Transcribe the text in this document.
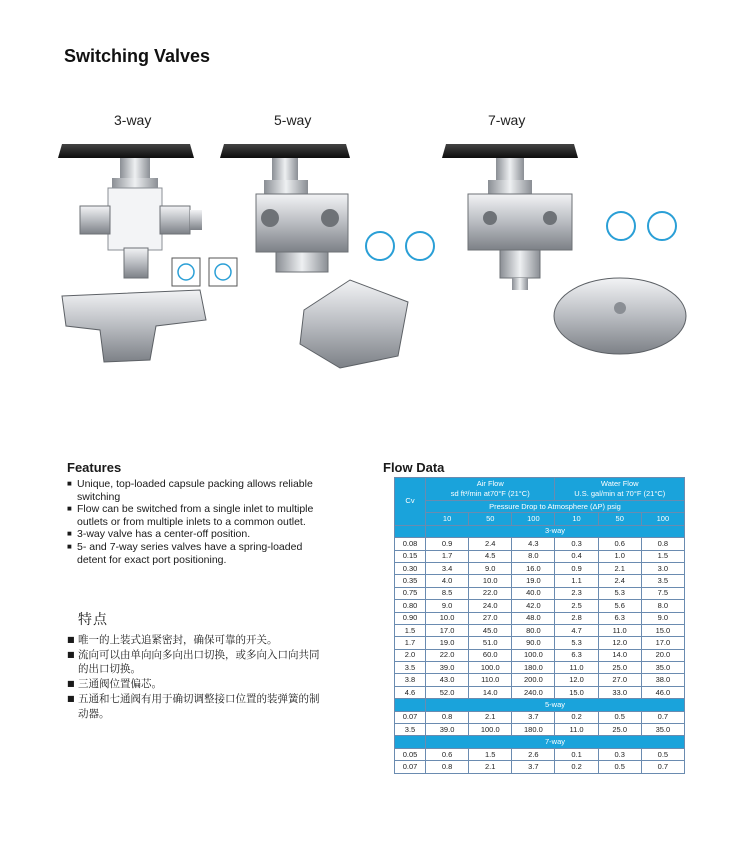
Switching Valves
3-way	5-way	7-way
Features
■ Unique, top-loaded capsule packing allows reliable switching
■ Flow can be switched from a single inlet to multiple outlets or from multiple inlets to a common outlet.
■ 3-way valve has a center-off position.
■ 5- and 7-way series valves have a spring-loaded detent for exact port positioning.
特点
■ 唯一的上装式追紧密封，确保可靠的开关。
■ 流向可以由单向向多向出口切换，或多向入口向共同的出口切换。
■ 三通阀位置偏芯。
■ 五通和七通阀有用于确切调整接口位置的装弹簧的制动器。
Flow Data
Cv	Air Flow
sd ft³/min at70°F (21°C)			Water Flow
U.S. gal/min at 70°F (21°C)		
	Pressure Drop to Atmosphere (ΔP) psig					
	10	50	100	10	50	100
	3-way					
0.08	0.9	2.4	4.3	0.3	0.6	0.8
0.15	1.7	4.5	8.0	0.4	1.0	1.5
0.30	3.4	9.0	16.0	0.9	2.1	3.0
0.35	4.0	10.0	19.0	1.1	2.4	3.5
0.75	8.5	22.0	40.0	2.3	5.3	7.5
0.80	9.0	24.0	42.0	2.5	5.6	8.0
0.90	10.0	27.0	48.0	2.8	6.3	9.0
1.5	17.0	45.0	80.0	4.7	11.0	15.0
1.7	19.0	51.0	90.0	5.3	12.0	17.0
2.0	22.0	60.0	100.0	6.3	14.0	20.0
3.5	39.0	100.0	180.0	11.0	25.0	35.0
3.8	43.0	110.0	200.0	12.0	27.0	38.0
4.6	52.0	14.0	240.0	15.0	33.0	46.0
	5-way					
0.07	0.8	2.1	3.7	0.2	0.5	0.7
3.5	39.0	100.0	180.0	11.0	25.0	35.0
	7-way					
0.05	0.6	1.5	2.6	0.1	0.3	0.5
0.07	0.8	2.1	3.7	0.2	0.5	0.7
